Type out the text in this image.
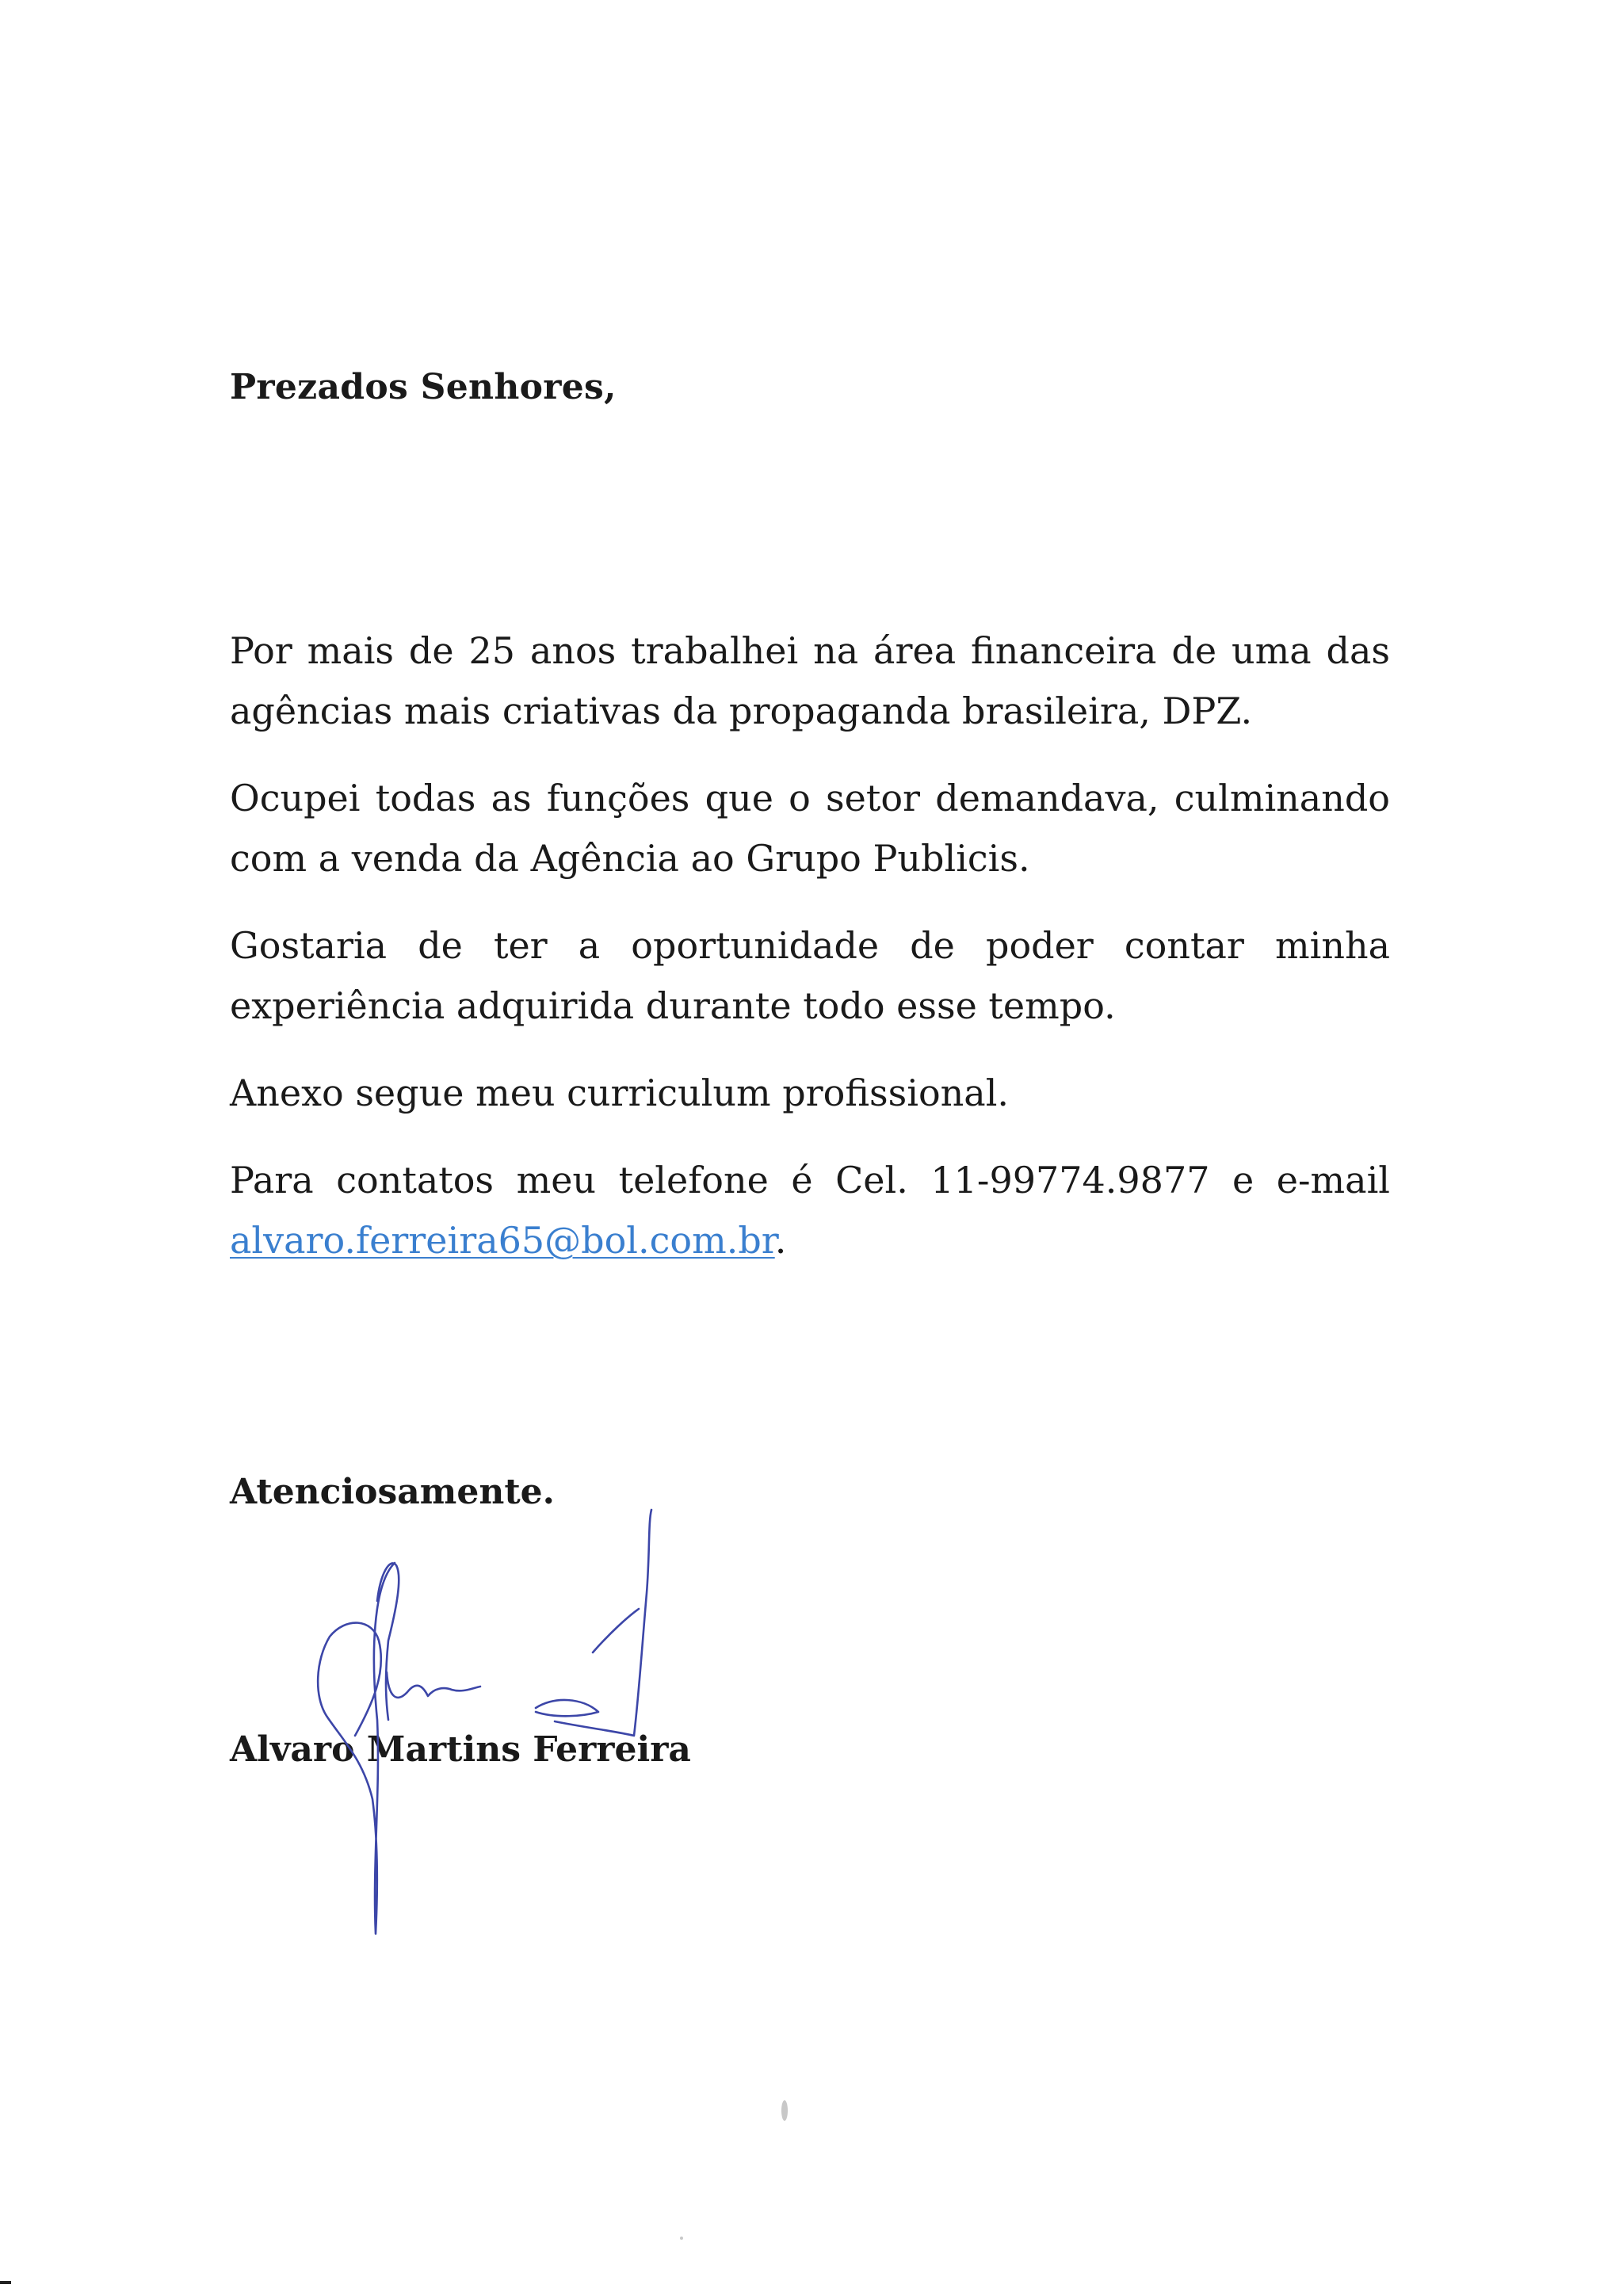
Prezados Senhores,

Por mais de 25 anos trabalhei na área financeira de uma das agências mais criativas da propaganda brasileira, DPZ.

Ocupei todas as funções que o setor demandava, culminando com a venda da Agência ao Grupo Publicis.

Gostaria de ter a oportunidade de poder contar minha experiência adquirida durante todo esse tempo.

Anexo segue meu curriculum profissional.

Para contatos meu telefone é Cel. 11-99774.9877 e e-mail alvaro.ferreira65@bol.com.br.

Atenciosamente.

Alvaro Martins Ferreira
